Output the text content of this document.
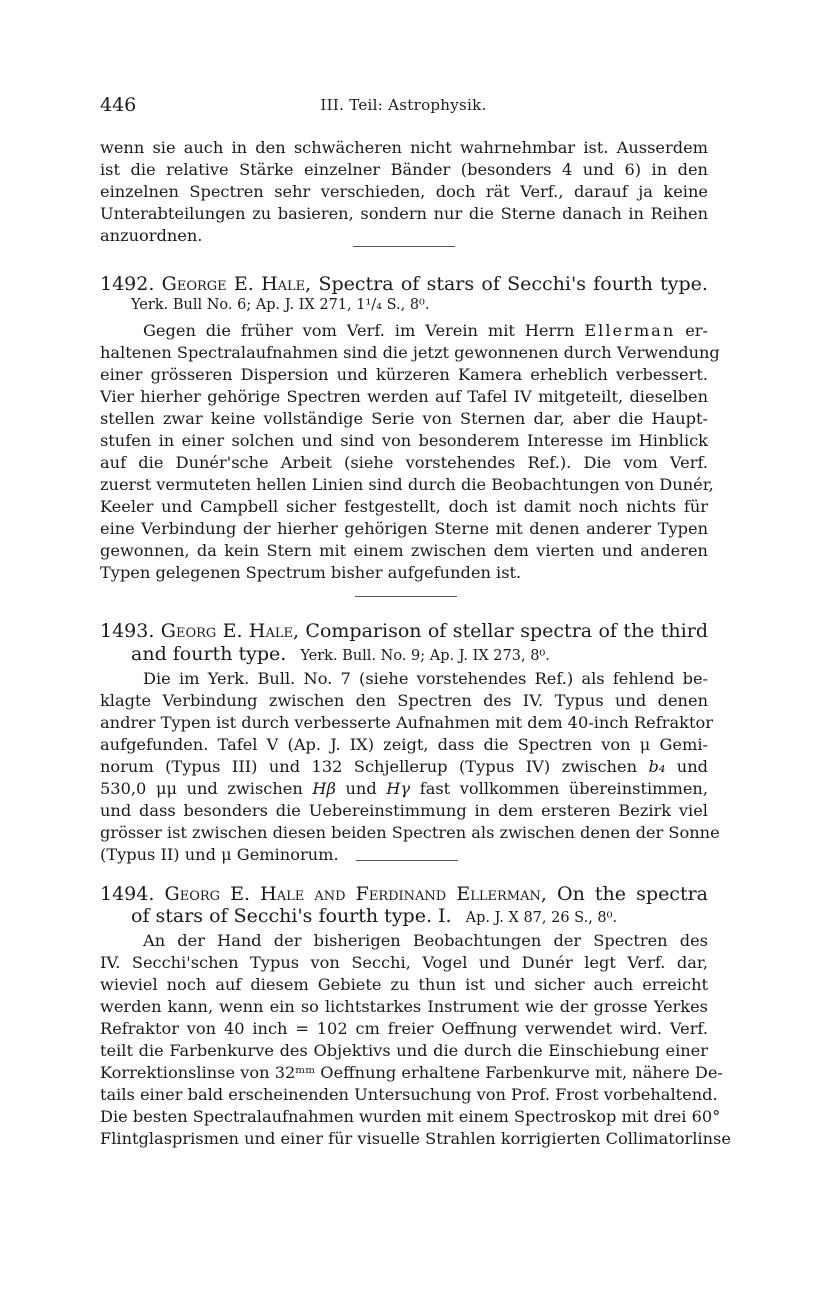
446	III. Teil: Astrophysik.
wenn sie auch in den schwächeren nicht wahrnehmbar ist. Ausserdem
ist die relative Stärke einzelner Bänder (besonders 4 und 6) in den
einzelnen Spectren sehr verschieden, doch rät Verf., darauf ja keine
Unterabteilungen zu basieren, sondern nur die Sterne danach in Reihen
anzuordnen.
1492. George E. Hale, Spectra of stars of Secchi's fourth type.
Yerk. Bull No. 6; Ap. J. IX 271, 1¹/₄ S., 8⁰.
Gegen die früher vom Verf. im Verein mit Herrn Ellerman er-
haltenen Spectralaufnahmen sind die jetzt gewonnenen durch Verwendung
einer grösseren Dispersion und kürzeren Kamera erheblich verbessert.
Vier hierher gehörige Spectren werden auf Tafel IV mitgeteilt, dieselben
stellen zwar keine vollständige Serie von Sternen dar, aber die Haupt-
stufen in einer solchen und sind von besonderem Interesse im Hinblick
auf die Dunér'sche Arbeit (siehe vorstehendes Ref.). Die vom Verf.
zuerst vermuteten hellen Linien sind durch die Beobachtungen von Dunér,
Keeler und Campbell sicher festgestellt, doch ist damit noch nichts für
eine Verbindung der hierher gehörigen Sterne mit denen anderer Typen
gewonnen, da kein Stern mit einem zwischen dem vierten und anderen
Typen gelegenen Spectrum bisher aufgefunden ist.
1493. Georg E. Hale, Comparison of stellar spectra of the third
and fourth type. Yerk. Bull. No. 9; Ap. J. IX 273, 8⁰.
Die im Yerk. Bull. No. 7 (siehe vorstehendes Ref.) als fehlend be-
klagte Verbindung zwischen den Spectren des IV. Typus und denen
andrer Typen ist durch verbesserte Aufnahmen mit dem 40-inch Refraktor
aufgefunden. Tafel V (Ap. J. IX) zeigt, dass die Spectren von μ Gemi-
norum (Typus III) und 132 Schjellerup (Typus IV) zwischen b₄ und
530,0 μμ und zwischen Hβ und Hγ fast vollkommen übereinstimmen,
und dass besonders die Uebereinstimmung in dem ersteren Bezirk viel
grösser ist zwischen diesen beiden Spectren als zwischen denen der Sonne
(Typus II) und μ Geminorum.
1494. Georg E. Hale and Ferdinand Ellerman, On the spectra
of stars of Secchi's fourth type. I. Ap. J. X 87, 26 S., 8⁰.
An der Hand der bisherigen Beobachtungen der Spectren des
IV. Secchi'schen Typus von Secchi, Vogel und Dunér legt Verf. dar,
wieviel noch auf diesem Gebiete zu thun ist und sicher auch erreicht
werden kann, wenn ein so lichtstarkes Instrument wie der grosse Yerkes
Refraktor von 40 inch = 102 cm freier Oeffnung verwendet wird. Verf.
teilt die Farbenkurve des Objektivs und die durch die Einschiebung einer
Korrektionslinse von 32ᵐᵐ Oeffnung erhaltene Farbenkurve mit, nähere De-
tails einer bald erscheinenden Untersuchung von Prof. Frost vorbehaltend.
Die besten Spectralaufnahmen wurden mit einem Spectroskop mit drei 60°
Flintglasprismen und einer für visuelle Strahlen korrigierten Collimatorlinse
